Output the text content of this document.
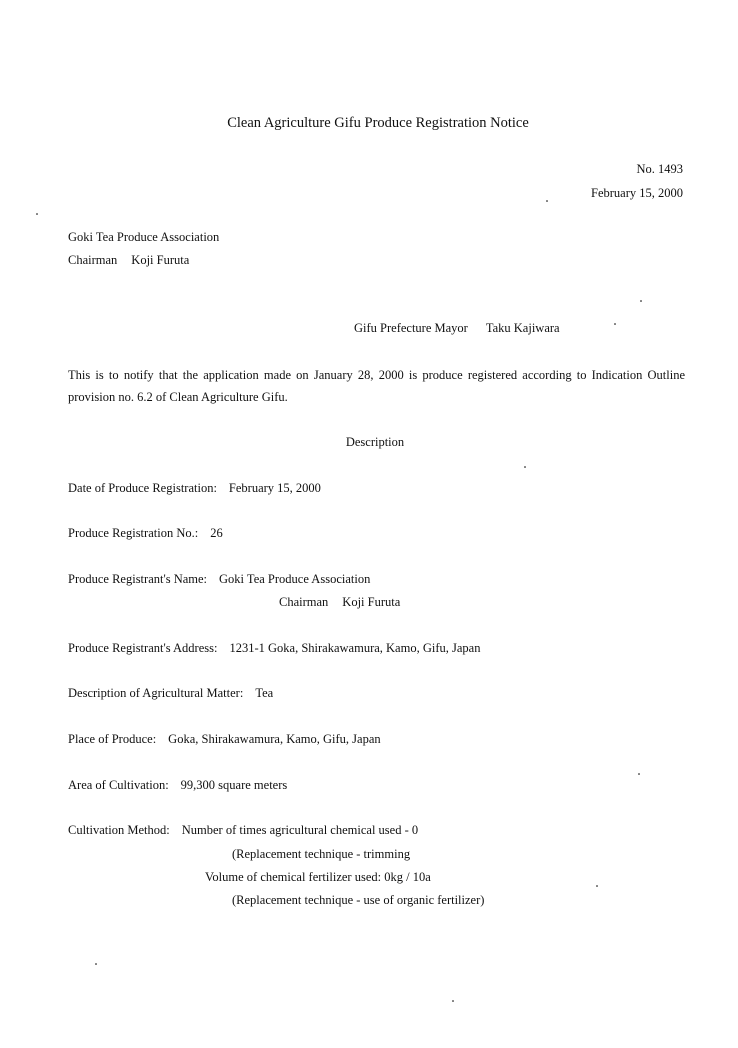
Clean Agriculture Gifu Produce Registration Notice
No. 1493
February 15, 2000
Goki Tea Produce Association
Chairman Koji Furuta
Gifu Prefecture Mayor Taku Kajiwara
This is to notify that the application made on January 28, 2000 is produce registered according to Indication Outline provision no. 6.2 of Clean Agriculture Gifu.
Description
Date of Produce Registration: February 15, 2000
Produce Registration No.: 26
Produce Registrant's Name: Goki Tea Produce Association
Chairman Koji Furuta
Produce Registrant's Address: 1231-1 Goka, Shirakawamura, Kamo, Gifu, Japan
Description of Agricultural Matter: Tea
Place of Produce: Goka, Shirakawamura, Kamo, Gifu, Japan
Area of Cultivation: 99,300 square meters
Cultivation Method: Number of times agricultural chemical used - 0
(Replacement technique - trimming
Volume of chemical fertilizer used: 0kg / 10a
(Replacement technique - use of organic fertilizer)
